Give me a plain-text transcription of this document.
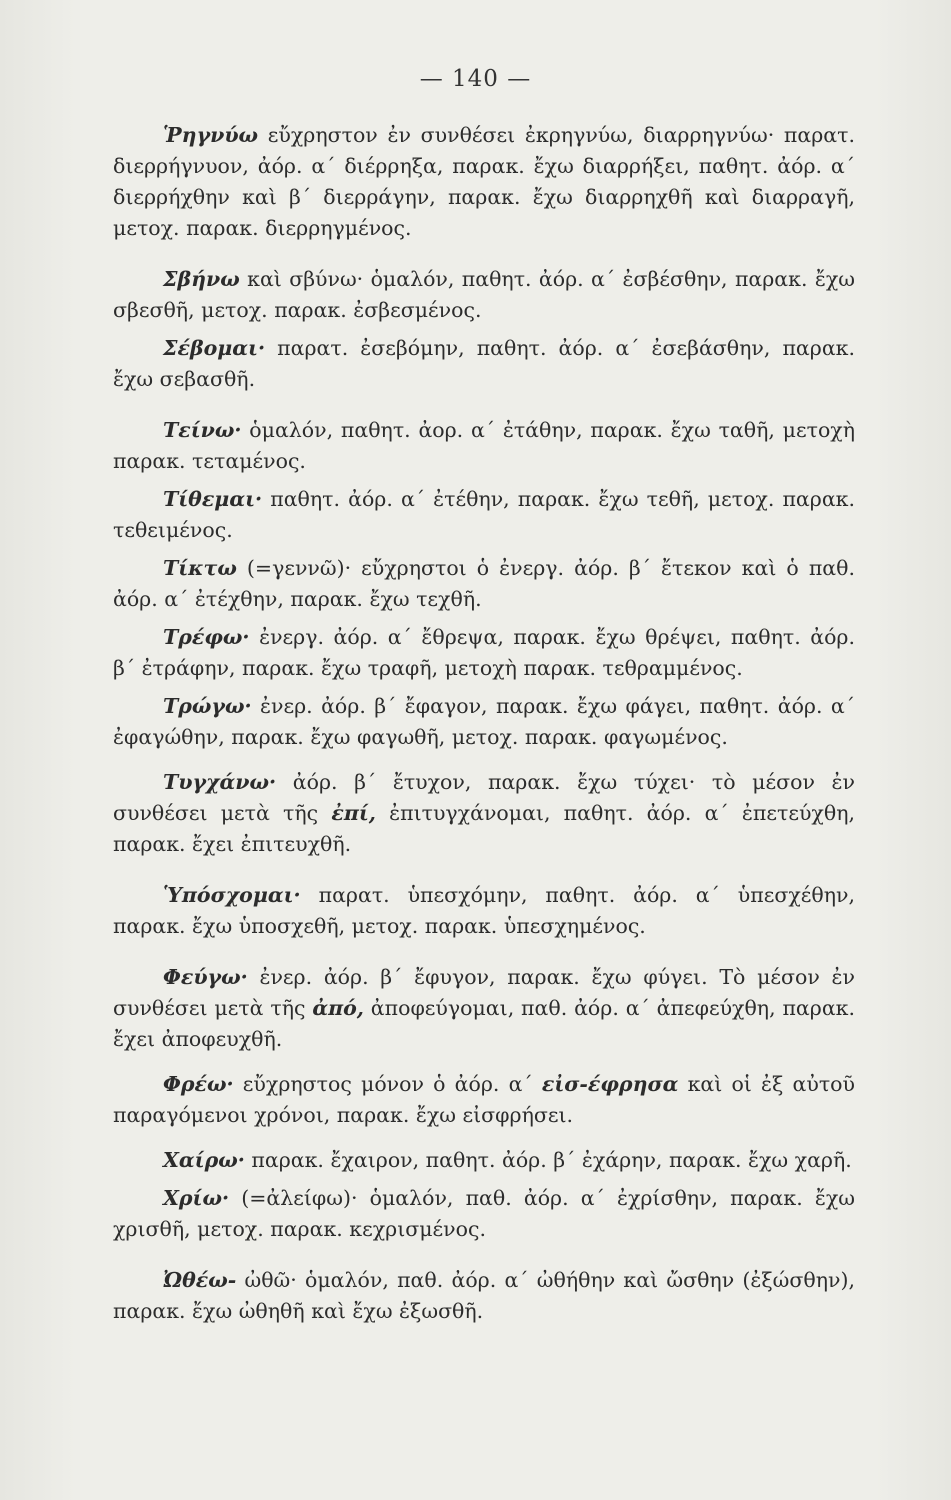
— 140 —

Ῥηγνύω εὔχρηστον ἐν συνθέσει ἐκρηγνύω, διαρρηγνύω· παρατ. διερρήγνυον, ἀόρ. α΄ διέρρηξα, παρακ. ἔχω διαρρήξει, παθητ. ἀόρ. α΄ διερρήχθην καὶ β΄ διερράγην, παρακ. ἔχω διαρρηχθῆ καὶ διαρραγῆ, μετοχ. παρακ. διερρηγμένος.

Σβήνω καὶ σβύνω· ὁμαλόν, παθητ. ἀόρ. α΄ ἐσβέσθην, παρακ. ἔχω σβεσθῆ, μετοχ. παρακ. ἐσβεσμένος.

Σέβομαι· παρατ. ἐσεβόμην, παθητ. ἀόρ. α΄ ἐσεβάσθην, παρακ. ἔχω σεβασθῆ.

Τείνω· ὁμαλόν, παθητ. ἀορ. α΄ ἐτάθην, παρακ. ἔχω ταθῆ, μετοχὴ παρακ. τεταμένος.

Τίθεμαι· παθητ. ἀόρ. α΄ ἐτέθην, παρακ. ἔχω τεθῆ, μετοχ. παρακ. τεθειμένος.

Τίκτω (=γεννῶ)· εὔχρηστοι ὁ ἐνεργ. ἀόρ. β΄ ἔτεκον καὶ ὁ παθ. ἀόρ. α΄ ἐτέχθην, παρακ. ἔχω τεχθῆ.

Τρέφω· ἐνεργ. ἀόρ. α΄ ἔθρεψα, παρακ. ἔχω θρέψει, παθητ. ἀόρ. β΄ ἐτράφην, παρακ. ἔχω τραφῆ, μετοχὴ παρακ. τεθραμμένος.

Τρώγω· ἐνερ. ἀόρ. β΄ ἔφαγον, παρακ. ἔχω φάγει, παθητ. ἀόρ. α΄ ἐφαγώθην, παρακ. ἔχω φαγωθῆ, μετοχ. παρακ. φαγωμένος.

Τυγχάνω· ἀόρ. β΄ ἔτυχον, παρακ. ἔχω τύχει· τὸ μέσον ἐν συνθέσει μετὰ τῆς ἐπί, ἐπιτυγχάνομαι, παθητ. ἀόρ. α΄ ἐπετεύχθη, παρακ. ἔχει ἐπιτευχθῆ.

Ὑπόσχομαι· παρατ. ὑπεσχόμην, παθητ. ἀόρ. α΄ ὑπεσχέθην, παρακ. ἔχω ὑποσχεθῆ, μετοχ. παρακ. ὑπεσχημένος.

Φεύγω· ἐνερ. ἀόρ. β΄ ἔφυγον, παρακ. ἔχω φύγει. Τὸ μέσον ἐν συνθέσει μετὰ τῆς ἀπό, ἀποφεύγομαι, παθ. ἀόρ. α΄ ἀπεφεύχθη, παρακ. ἔχει ἀποφευχθῆ.

Φρέω· εὔχρηστος μόνον ὁ ἀόρ. α΄ εἰσ-έφρησα καὶ οἱ ἐξ αὐτοῦ παραγόμενοι χρόνοι, παρακ. ἔχω εἰσφρήσει.

Χαίρω· παρακ. ἔχαιρον, παθητ. ἀόρ. β΄ ἐχάρην, παρακ. ἔχω χαρῆ.

Χρίω· (=ἀλείφω)· ὁμαλόν, παθ. ἀόρ. α΄ ἐχρίσθην, παρακ. ἔχω χρισθῆ, μετοχ. παρακ. κεχρισμένος.

Ὠθέω- ὠθῶ· ὁμαλόν, παθ. ἀόρ. α΄ ὠθήθην καὶ ὤσθην (ἐξώσθην), παρακ. ἔχω ὠθηθῆ καὶ ἔχω ἐξωσθῆ.
